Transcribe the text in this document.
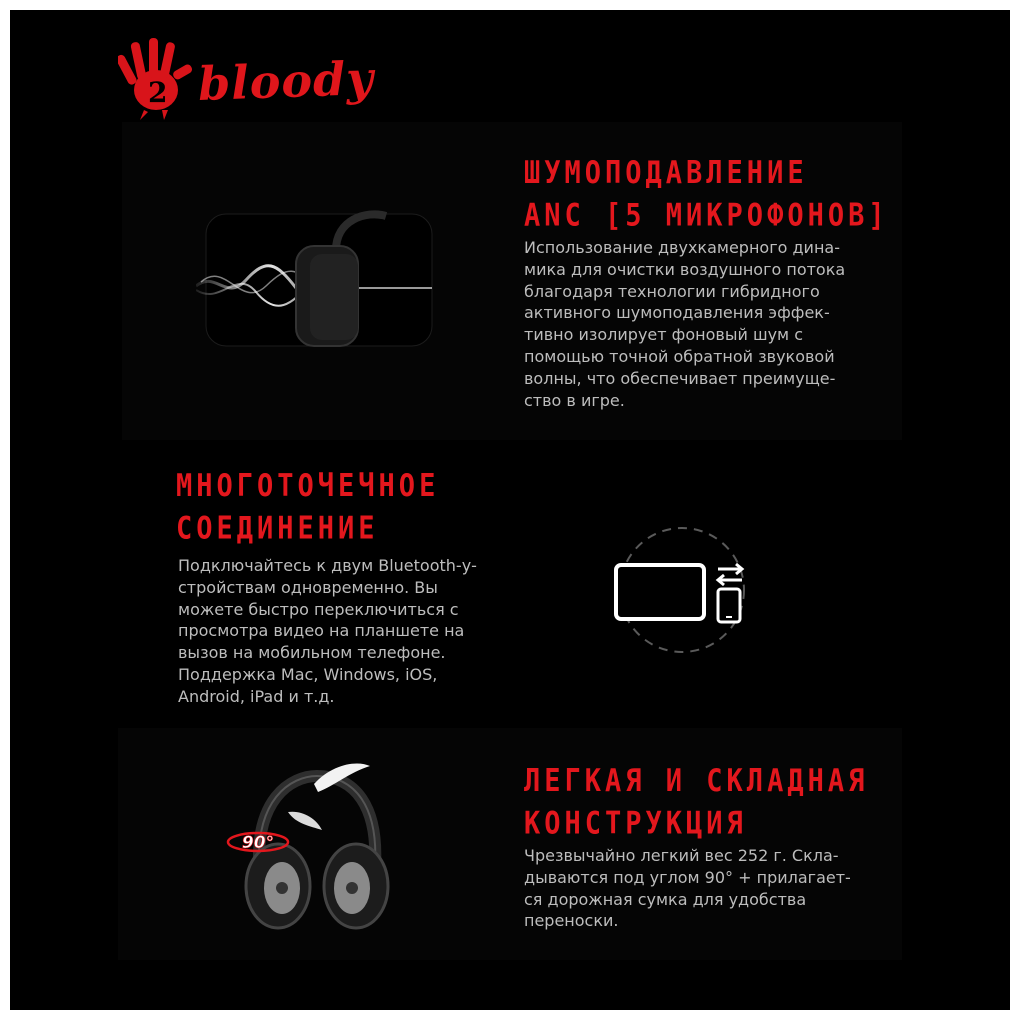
2 bloody
ШУМОПОДАВЛЕНИЕ
ANC [5 МИКРОФОНОВ]

Использование двухкамерного дина-
мика для очистки воздушного потока
благодаря технологии гибридного
активного шумоподавления эффек-
тивно изолирует фоновый шум с
помощью точной обратной звуковой
волны, что обеспечивает преимуще-
ство в игре.

МНОГОТОЧЕЧНОЕ
СОЕДИНЕНИЕ

Подключайтесь к двум Bluetooth-у-
стройствам одновременно. Вы
можете быстро переключиться с
просмотра видео на планшете на
вызов на мобильном телефоне.
Поддержка Mac, Windows, iOS,
Android, iPad и т.д.

90°
ЛЕГКАЯ И СКЛАДНАЯ
КОНСТРУКЦИЯ

Чрезвычайно легкий вес 252 г. Скла-
дываются под углом 90° + прилагает-
ся дорожная сумка для удобства
переноски.
